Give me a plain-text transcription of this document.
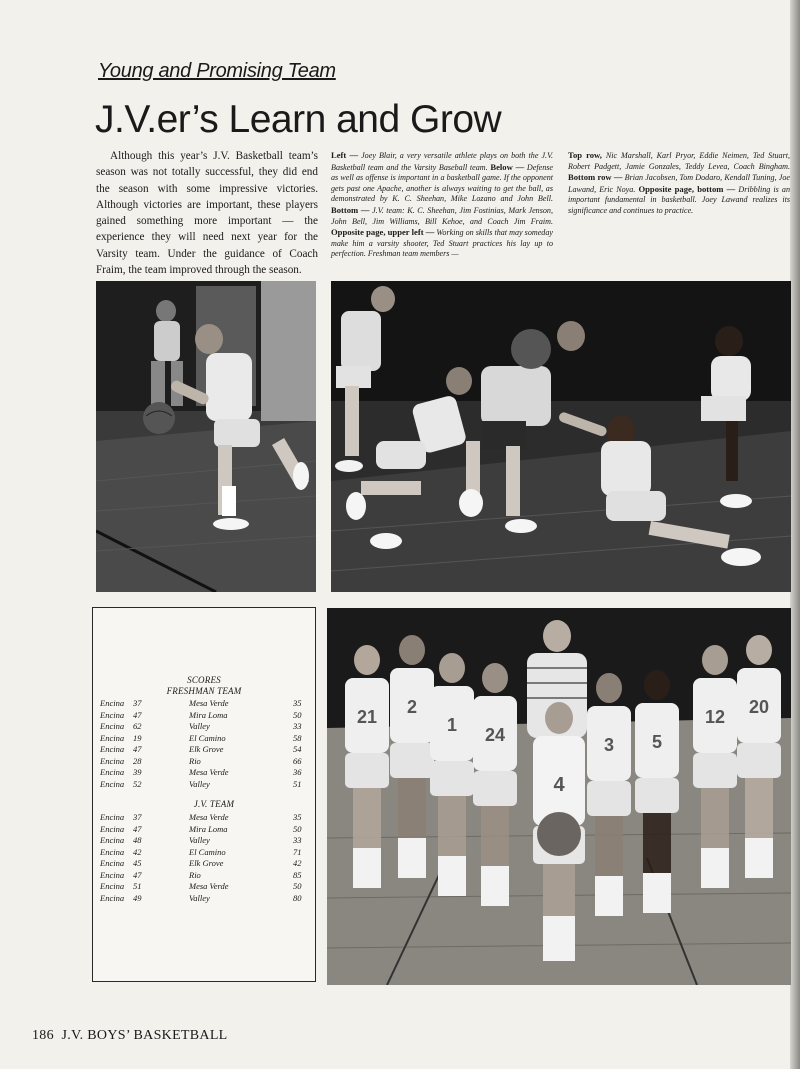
Young and Promising Team
J.V.er’s Learn and Grow
Although this year’s J.V. Basketball team’s season was not totally successful, they did end the season with some impressive victories. Although victories are important, these players gained something more important — the experience they will need next year for the Varsity team. Under the guidance of Coach Fraim, the team improved through the season.
Left — Joey Blair, a very versatile athlete plays on both the J.V. Basketball team and the Varsity Baseball team. Below — Defense as well as offense is important in a basketball game. If the opponent gets past one Apache, another is always waiting to get the ball, as demonstrated by K. C. Sheehan, Mike Lozano and John Bell. Bottom — J.V. team: K. C. Sheehan, Jim Fostinias, Mark Jenson, John Bell, Jim Williams, Bill Kehoe, and Coach Jim Fraim. Opposite page, upper left — Working on skills that may someday make him a varsity shooter, Ted Stuart practices his lay up to perfection. Freshman team members —
Top row, Nic Marshall, Karl Pryor, Eddie Neimen, Ted Stuart, Robert Padgett, Jamie Gonzales, Teddy Levea, Coach Bingham. Bottom row — Brian Jacobsen, Tom Dodaro, Kendall Tuning, Joe Lawand, Eric Noya. Opposite page, bottom — Dribbling is an important fundamental in basketball. Joey Lawand realizes its significance and continues to practice.
SCORES
FRESHMAN TEAM
Encina 37	Mesa Verde	35
Encina 47	Mira Loma	50
Encina 62	Valley	33
Encina 19	El Camino	58
Encina 47	Elk Grove	54
Encina 28	Rio	66
Encina 39	Mesa Verde	36
Encina 52	Valley	51
J.V. TEAM
Encina 37	Mesa Verde	35
Encina 47	Mira Loma	50
Encina 48	Valley	33
Encina 42	El Camino	71
Encina 45	Elk Grove	42
Encina 47	Rio	85
Encina 51	Mesa Verde	50
Encina 49	Valley	80
21 2
1 24	3 5
12 20
4
186 J.V. BOYS’ BASKETBALL
